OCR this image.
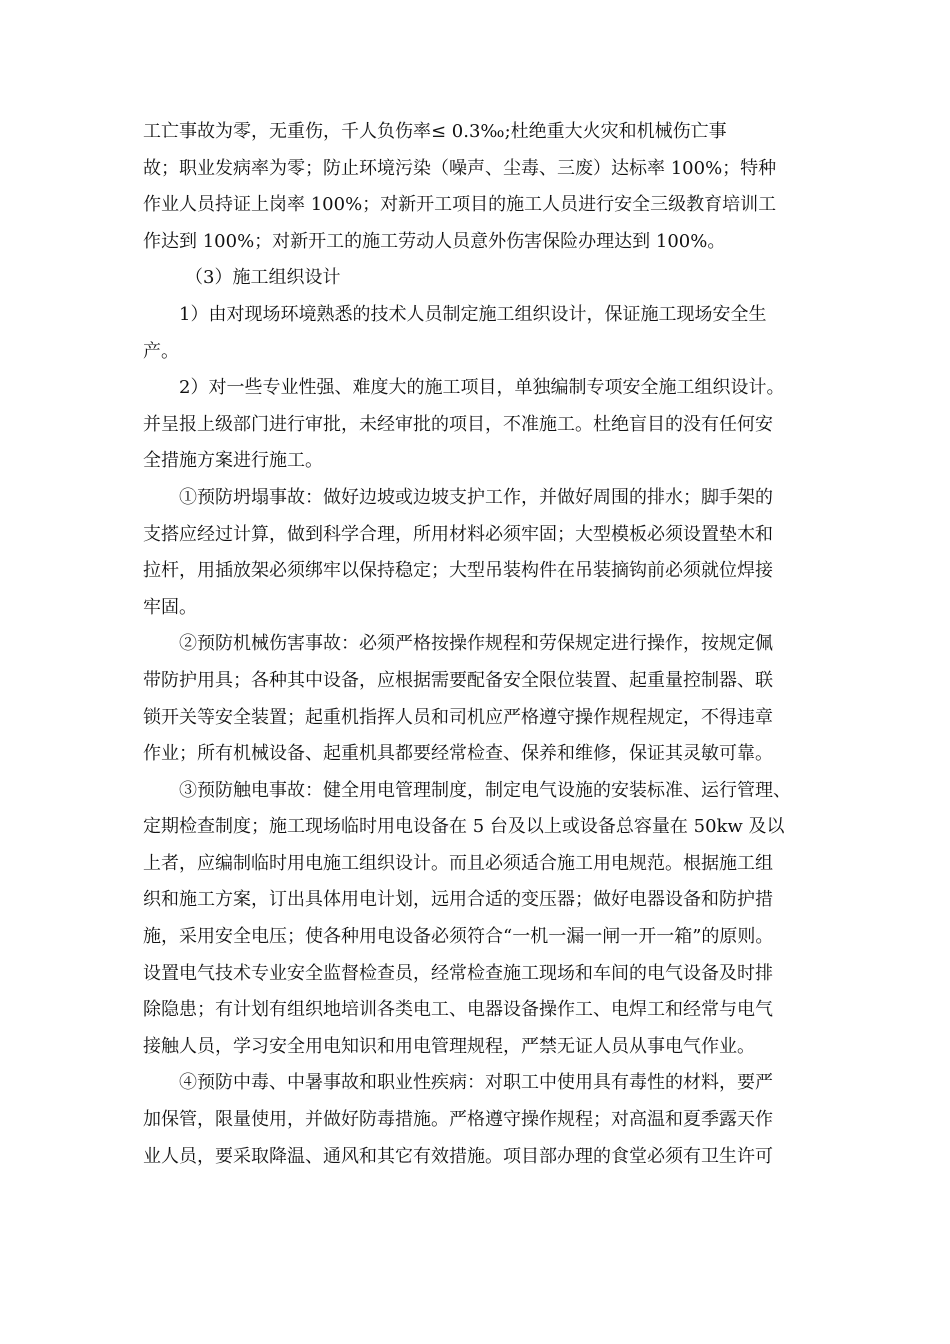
工亡事故为零，无重伤，千人负伤率≤ 0.3‰;杜绝重大火灾和机械伤亡事
故；职业发病率为零；防止环境污染（噪声、尘毒、三废）达标率 100%；特种
作业人员持证上岗率 100%；对新开工项目的施工人员进行安全三级教育培训工
作达到 100%；对新开工的施工劳动人员意外伤害保险办理达到 100%。
（3）施工组织设计
1）由对现场环境熟悉的技术人员制定施工组织设计，保证施工现场安全生
产。
2）对一些专业性强、难度大的施工项目，单独编制专项安全施工组织设计。
并呈报上级部门进行审批，未经审批的项目，不准施工。杜绝盲目的没有任何安
全措施方案进行施工。
①预防坍塌事故：做好边坡或边坡支护工作，并做好周围的排水；脚手架的
支搭应经过计算，做到科学合理，所用材料必须牢固；大型模板必须设置垫木和
拉杆，用插放架必须绑牢以保持稳定；大型吊装构件在吊装摘钩前必须就位焊接
牢固。
②预防机械伤害事故：必须严格按操作规程和劳保规定进行操作，按规定佩
带防护用具；各种其中设备，应根据需要配备安全限位装置、起重量控制器、联
锁开关等安全装置；起重机指挥人员和司机应严格遵守操作规程规定，不得违章
作业；所有机械设备、起重机具都要经常检查、保养和维修，保证其灵敏可靠。
③预防触电事故：健全用电管理制度，制定电气设施的安装标准、运行管理、
定期检查制度；施工现场临时用电设备在 5 台及以上或设备总容量在 50kw 及以
上者，应编制临时用电施工组织设计。而且必须适合施工用电规范。根据施工组
织和施工方案，订出具体用电计划，远用合适的变压器；做好电器设备和防护措
施，采用安全电压；使各种用电设备必须符合“一机一漏一闸一开一箱”的原则。
设置电气技术专业安全监督检查员，经常检查施工现场和车间的电气设备及时排
除隐患；有计划有组织地培训各类电工、电器设备操作工、电焊工和经常与电气
接触人员，学习安全用电知识和用电管理规程，严禁无证人员从事电气作业。
④预防中毒、中暑事故和职业性疾病：对职工中使用具有毒性的材料，要严
加保管，限量使用，并做好防毒措施。严格遵守操作规程；对高温和夏季露天作
业人员，要采取降温、通风和其它有效措施。项目部办理的食堂必须有卫生许可
